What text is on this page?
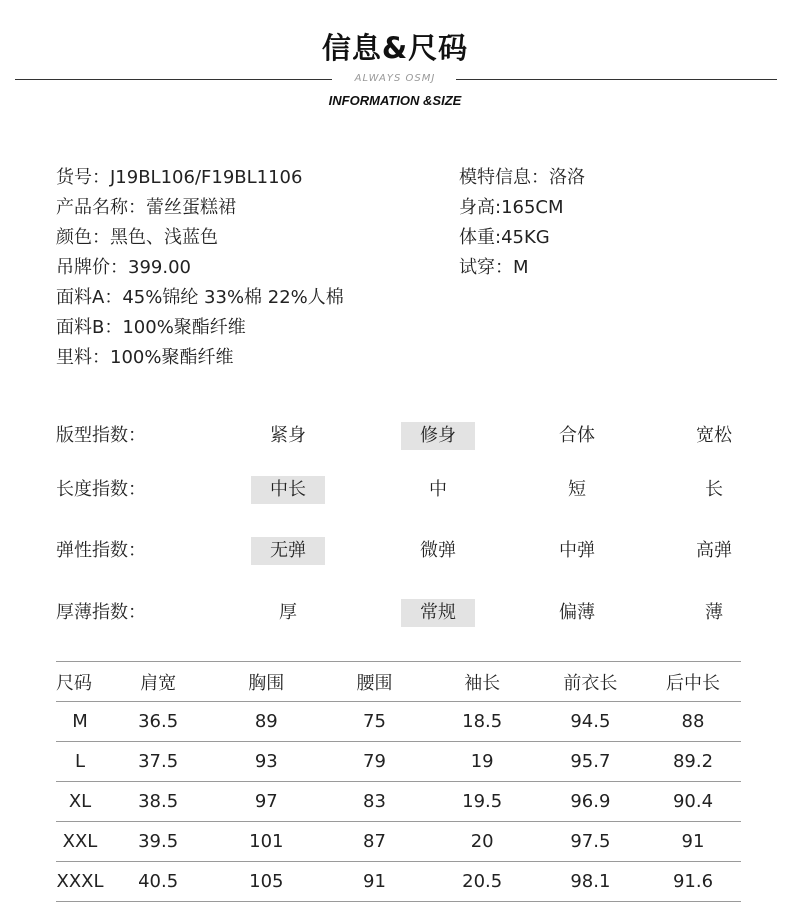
信息&尺码
ALWAYS OSMJ
INFORMATION &SIZE
货号：J19BL106/F19BL1106
产品名称：蕾丝蛋糕裙
颜色：黑色、浅蓝色
吊牌价：399.00
面料A：45%锦纶 33%棉 22%人棉
面料B：100%聚酯纤维
里料：100%聚酯纤维
模特信息：洛洛
身高:165CM
体重:45KG
试穿：M
版型指数：	紧身	修身	合体	宽松
长度指数：	中长	中	短	长
弹性指数：	无弹	微弹	中弹	高弹
厚薄指数：	厚	常规	偏薄	薄
尺码	肩宽	胸围	腰围	袖长	前衣长	后中长
M	36.5	89	75	18.5	94.5	88
L	37.5	93	79	19	95.7	89.2
XL	38.5	97	83	19.5	96.9	90.4
XXL	39.5	101	87	20	97.5	91
XXXL	40.5	105	91	20.5	98.1	91.6
